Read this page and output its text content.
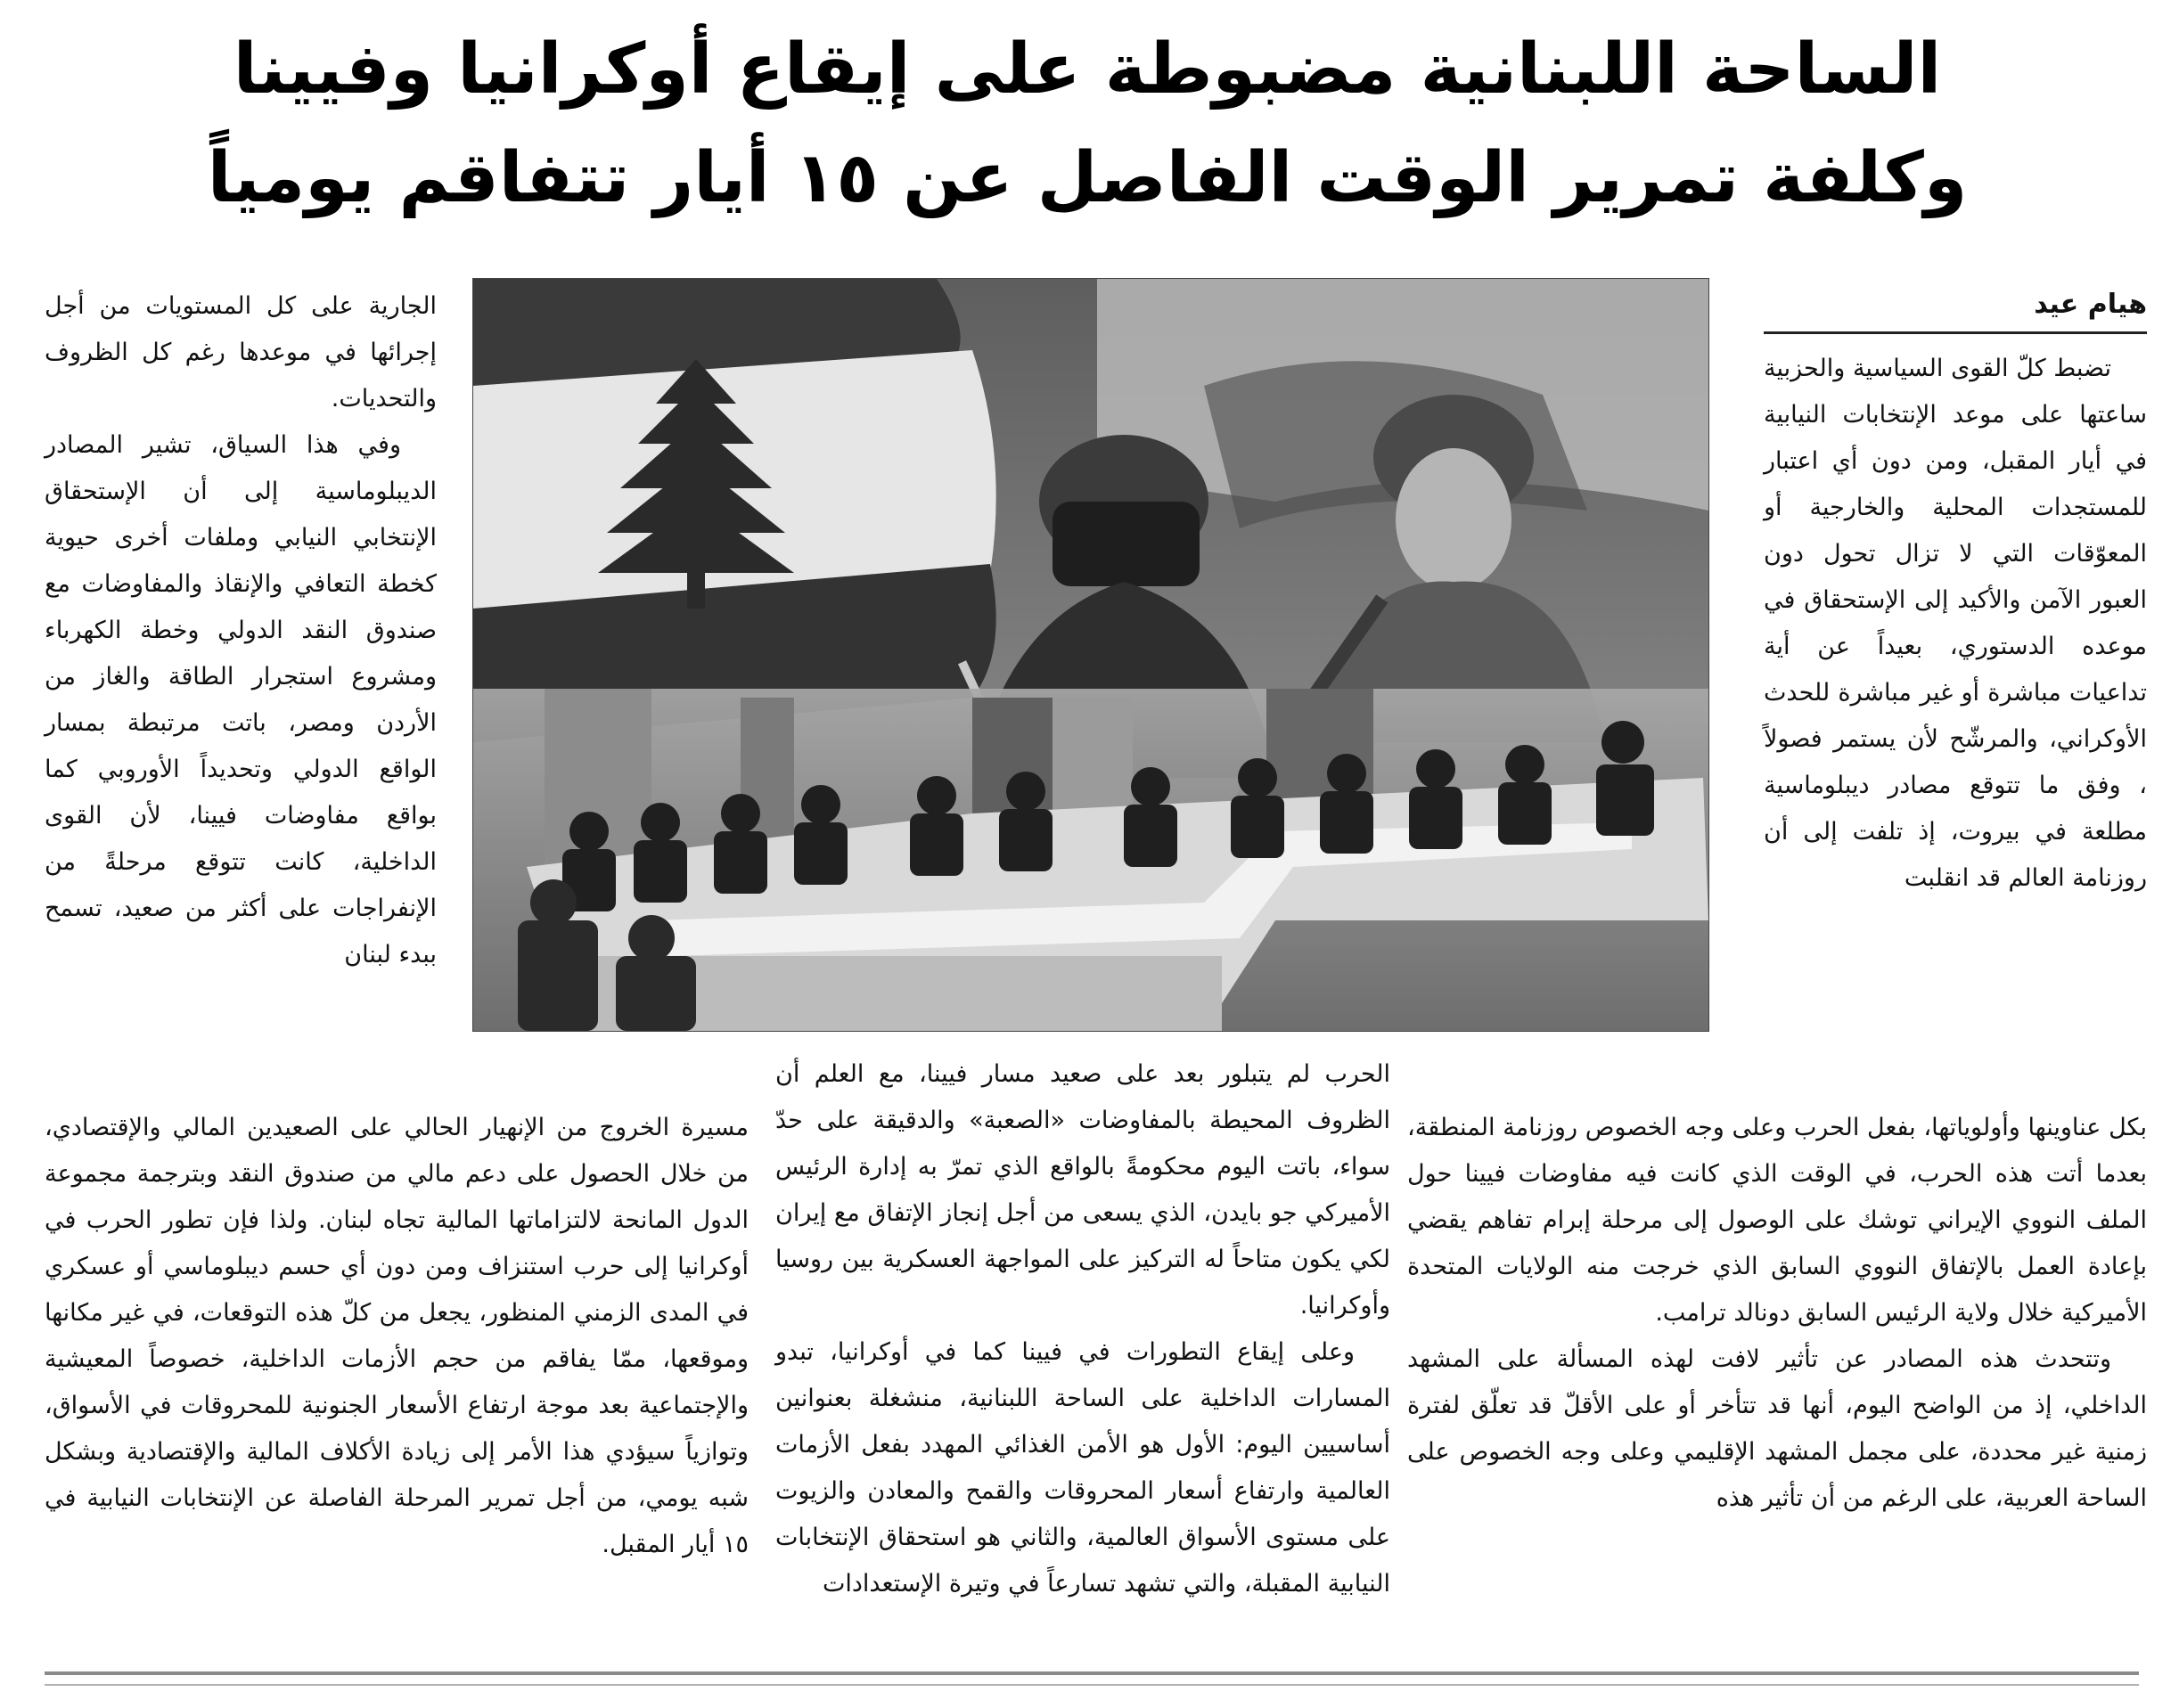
الساحة اللبنانية مضبوطة على إيقاع أوكرانيا وفيينا
وكلفة تمرير الوقت الفاصل عن ١٥ أيار تتفاقم يومياً
هيام عيد

تضبط كلّ القوى السياسية والحزبية ساعتها على موعد الإنتخابات النيابية في أيار المقبل، ومن دون أي اعتبار للمستجدات المحلية والخارجية أو المعوّقات التي لا تزال تحول دون العبور الآمن والأكيد إلى الإستحقاق في موعده الدستوري، بعيداً عن أية تداعيات مباشرة أو غير مباشرة للحدث الأوكراني، والمرشّح لأن يستمر فصولاً ، وفق ما تتوقع مصادر ديبلوماسية مطلعة في بيروت، إذ تلفت إلى أن روزنامة العالم قد انقلبت

الجارية على كل المستويات من أجل إجرائها في موعدها رغم كل الظروف والتحديات.

وفي هذا السياق، تشير المصادر الديبلوماسية إلى أن الإستحقاق الإنتخابي النيابي وملفات أخرى حيوية كخطة التعافي والإنقاذ والمفاوضات مع صندوق النقد الدولي وخطة الكهرباء ومشروع استجرار الطاقة والغاز من الأردن ومصر، باتت مرتبطة بمسار الواقع الدولي وتحديداً الأوروبي كما بواقع مفاوضات فيينا، لأن القوى الداخلية، كانت تتوقع مرحلةً من الإنفراجات على أكثر من صعيد، تسمح ببدء لبنان

بكل عناوينها وأولوياتها، بفعل الحرب وعلى وجه الخصوص روزنامة المنطقة، بعدما أتت هذه الحرب، في الوقت الذي كانت فيه مفاوضات فيينا حول الملف النووي الإيراني توشك على الوصول إلى مرحلة إبرام تفاهم يقضي بإعادة العمل بالإتفاق النووي السابق الذي خرجت منه الولايات المتحدة الأميركية خلال ولاية الرئيس السابق دونالد ترامب.

وتتحدث هذه المصادر عن تأثير لافت لهذه المسألة على المشهد الداخلي، إذ من الواضح اليوم، أنها قد تتأخر أو على الأقلّ قد تعلّق لفترة زمنية غير محددة، على مجمل المشهد الإقليمي وعلى وجه الخصوص على الساحة العربية، على الرغم من أن تأثير هذه

الحرب لم يتبلور بعد على صعيد مسار فيينا، مع العلم أن الظروف المحيطة بالمفاوضات «الصعبة» والدقيقة على حدّ سواء، باتت اليوم محكومةً بالواقع الذي تمرّ به إدارة الرئيس الأميركي جو بايدن، الذي يسعى من أجل إنجاز الإتفاق مع إيران لكي يكون متاحاً له التركيز على المواجهة العسكرية بين روسيا وأوكرانيا.

وعلى إيقاع التطورات في فيينا كما في أوكرانيا، تبدو المسارات الداخلية على الساحة اللبنانية، منشغلة بعنوانين أساسيين اليوم: الأول هو الأمن الغذائي المهدد بفعل الأزمات العالمية وارتفاع أسعار المحروقات والقمح والمعادن والزيوت على مستوى الأسواق العالمية، والثاني هو استحقاق الإنتخابات النيابية المقبلة، والتي تشهد تسارعاً في وتيرة الإستعدادات

مسيرة الخروج من الإنهيار الحالي على الصعيدين المالي والإقتصادي، من خلال الحصول على دعم مالي من صندوق النقد وبترجمة مجموعة الدول المانحة لالتزاماتها المالية تجاه لبنان. ولذا فإن تطور الحرب في أوكرانيا إلى حرب استنزاف ومن دون أي حسم ديبلوماسي أو عسكري في المدى الزمني المنظور، يجعل من كلّ هذه التوقعات، في غير مكانها وموقعها، ممّا يفاقم من حجم الأزمات الداخلية، خصوصاً المعيشية والإجتماعية بعد موجة ارتفاع الأسعار الجنونية للمحروقات في الأسواق، وتوازياً سيؤدي هذا الأمر إلى زيادة الأكلاف المالية والإقتصادية وبشكل شبه يومي، من أجل تمرير المرحلة الفاصلة عن الإنتخابات النيابية في ١٥ أيار المقبل.
